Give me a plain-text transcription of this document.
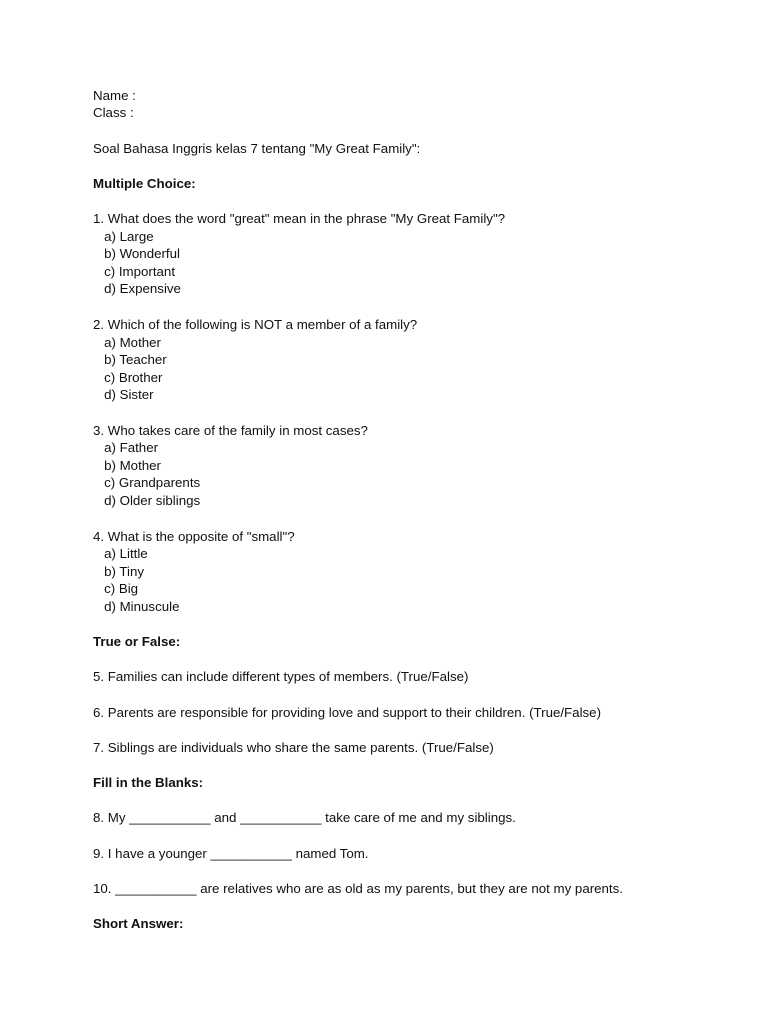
Name :
Class :
Soal Bahasa Inggris kelas 7 tentang "My Great Family":
Multiple Choice:
1. What does the word "great" mean in the phrase "My Great Family"?
a) Large
b) Wonderful
c) Important
d) Expensive
2. Which of the following is NOT a member of a family?
a) Mother
b) Teacher
c) Brother
d) Sister
3. Who takes care of the family in most cases?
a) Father
b) Mother
c) Grandparents
d) Older siblings
4. What is the opposite of "small"?
a) Little
b) Tiny
c) Big
d) Minuscule
True or False:
5. Families can include different types of members. (True/False)
6. Parents are responsible for providing love and support to their children. (True/False)
7. Siblings are individuals who share the same parents. (True/False)
Fill in the Blanks:
8. My ___________ and ___________ take care of me and my siblings.
9. I have a younger ___________ named Tom.
10. ___________ are relatives who are as old as my parents, but they are not my parents.
Short Answer:
